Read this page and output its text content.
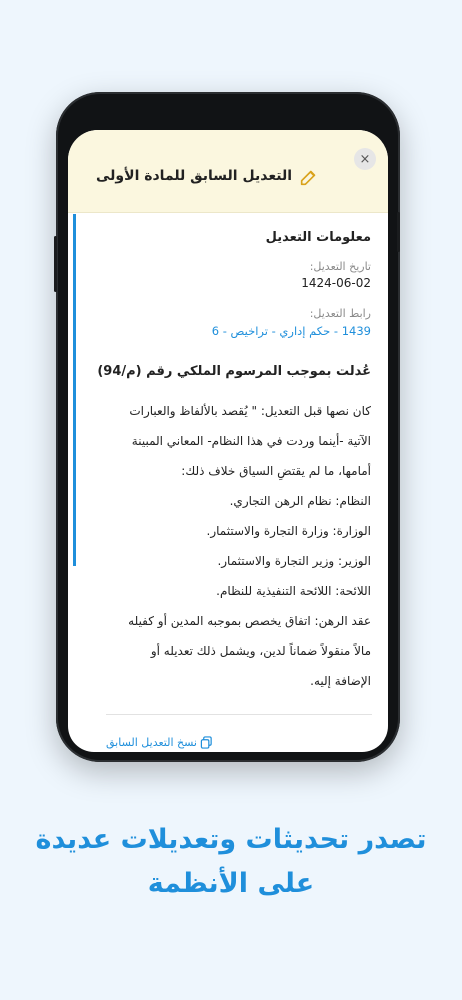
×
التعديل السابق للمادة الأولى
معلومات التعديل
تاريخ التعديل:
1424-06-02
رابط التعديل:
1439 - حكم إداري - تراخيص - 6
عُدلت بموجب المرسوم الملكي رقم (م/94)
كان نصها قبل التعديل: " يُقصد بالألفاظ والعبارات
الآتية -أينما وردت في هذا النظام- المعاني المبينة
أمامها، ما لم يقتضِ السياق خلاف ذلك:
النظام: نظام الرهن التجاري.
الوزارة: وزارة التجارة والاستثمار.
الوزير: وزير التجارة والاستثمار.
اللائحة: اللائحة التنفيذية للنظام.
عقد الرهن: اتفاق يخصص بموجبه المدين أو كفيله
مالاً منقولاً ضماناً لدين، ويشمل ذلك تعديله أو
الإضافة إليه.
نسخ التعديل السابق
تصدر تحديثات وتعديلات عديدة
على الأنظمة
